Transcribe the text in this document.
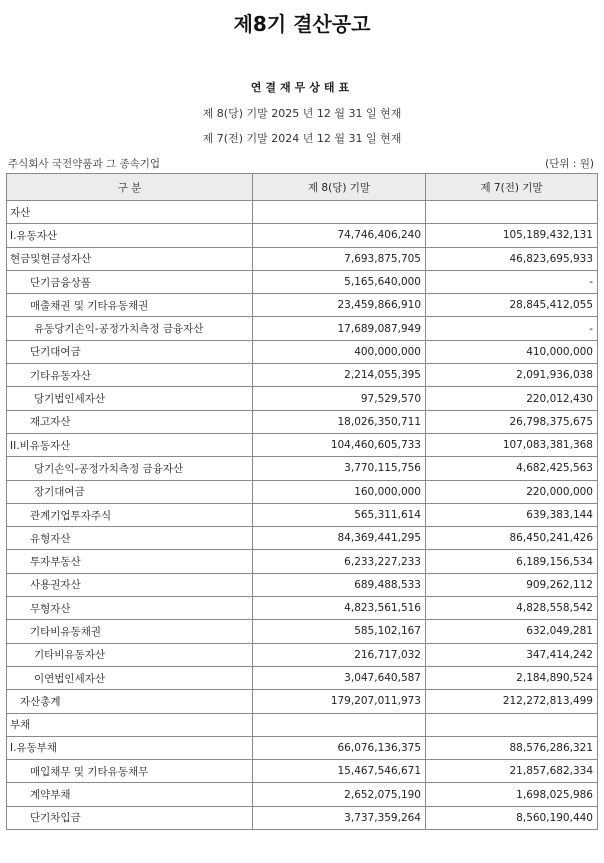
제8기 결산공고
연결재무상태표
제 8(당) 기말 2025 년 12 월 31 일 현재
제 7(전) 기말 2024 년 12 월 31 일 현재
주식회사 국전약품과 그 종속기업	(단위 : 원)
구 분	제 8(당) 기말	제 7(전) 기말
자산		
I.유동자산	74,746,406,240	105,189,432,131
현금및현금성자산	7,693,875,705	46,823,695,933
단기금융상품	5,165,640,000	-
매출채권 및 기타유동채권	23,459,866,910	28,845,412,055
유동당기손익-공정가치측정 금융자산	17,689,087,949	-
단기대여금	400,000,000	410,000,000
기타유동자산	2,214,055,395	2,091,936,038
당기법인세자산	97,529,570	220,012,430
재고자산	18,026,350,711	26,798,375,675
II.비유동자산	104,460,605,733	107,083,381,368
당기손익-공정가치측정 금융자산	3,770,115,756	4,682,425,563
장기대여금	160,000,000	220,000,000
관계기업투자주식	565,311,614	639,383,144
유형자산	84,369,441,295	86,450,241,426
투자부동산	6,233,227,233	6,189,156,534
사용권자산	689,488,533	909,262,112
무형자산	4,823,561,516	4,828,558,542
기타비유동채권	585,102,167	632,049,281
기타비유동자산	216,717,032	347,414,242
이연법인세자산	3,047,640,587	2,184,890,524
자산총계	179,207,011,973	212,272,813,499
부채		
I.유동부채	66,076,136,375	88,576,286,321
매입채무 및 기타유동채무	15,467,546,671	21,857,682,334
계약부채	2,652,075,190	1,698,025,986
단기차입금	3,737,359,264	8,560,190,440
